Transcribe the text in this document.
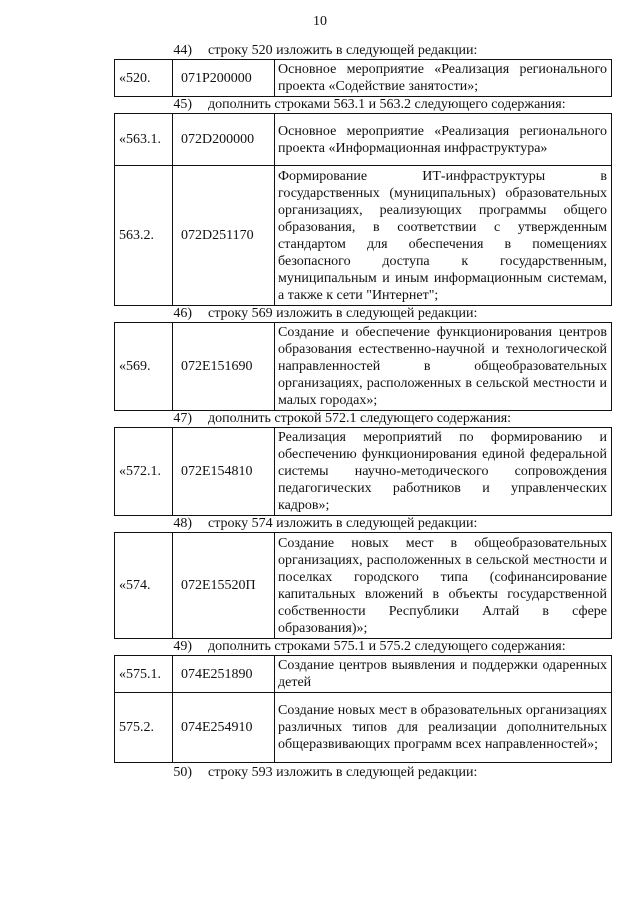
10
44) строку 520 изложить в следующей редакции:
«520.	071P200000	Основное мероприятие «Реализация регионального проекта «Содействие занятости»;
45) дополнить строками 563.1 и 563.2 следующего содержания:
«563.1.	072D200000	Основное мероприятие «Реализация регионального проекта «Информационная инфраструктура»
563.2.	072D251170	Формирование ИТ-инфраструктуры в государственных (муниципальных) образовательных организациях, реализующих программы общего образования, в соответствии с утвержденным стандартом для обеспечения в помещениях безопасного доступа к государственным, муниципальным и иным информационным системам, а также к сети "Интернет";
46) строку 569 изложить в следующей редакции:
«569.	072E151690	Создание и обеспечение функционирования центров образования естественно-научной и технологической направленностей в общеобразовательных организациях, расположенных в сельской местности и малых городах»;
47) дополнить строкой 572.1 следующего содержания:
«572.1.	072E154810	Реализация мероприятий по формированию и обеспечению функционирования единой федеральной системы научно-методического сопровождения педагогических работников и управленческих кадров»;
48) строку 574 изложить в следующей редакции:
«574.	072E15520П	Создание новых мест в общеобразовательных организациях, расположенных в сельской местности и поселках городского типа (софинансирование капитальных вложений в объекты государственной собственности Республики Алтай в сфере образования)»;
49) дополнить строками 575.1 и 575.2 следующего содержания:
«575.1.	074E251890	Создание центров выявления и поддержки одаренных детей
575.2.	074E254910	Создание новых мест в образовательных организациях различных типов для реализации дополнительных общеразвивающих программ всех направленностей»;
50) строку 593 изложить в следующей редакции:
